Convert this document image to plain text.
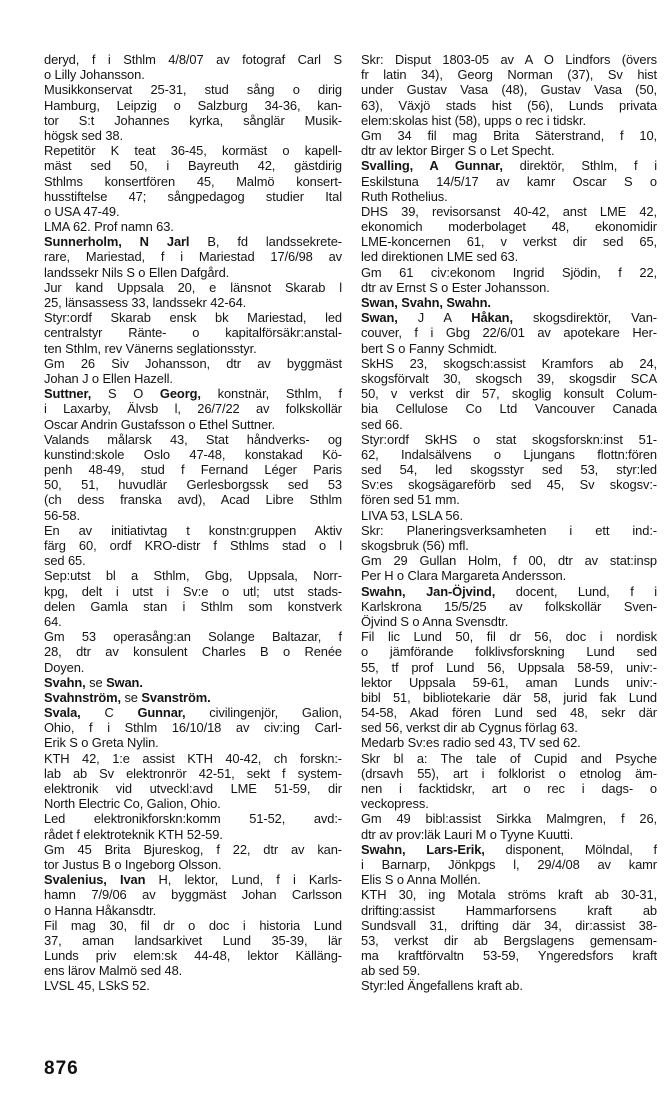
deryd, f i Sthlm 4/8/07 av fotograf Carl S
o Lilly Johansson.
Musikkonservat 25-31, stud sång o dirig
Hamburg, Leipzig o Salzburg 34-36, kan-
tor S:t Johannes kyrka, sånglär Musik-
högsk sed 38.
Repetitör K teat 36-45, kormäst o kapell-
mäst sed 50, i Bayreuth 42, gästdirig
Sthlms konsertfören 45, Malmö konsert-
husstiftelse 47; sångpedagog studier Ital
o USA 47-49.
LMA 62. Prof namn 63.
Sunnerholm, N Jarl B, fd landssekrete-
rare, Mariestad, f i Mariestad 17/6/98 av
landssekr Nils S o Ellen Dafgård.
Jur kand Uppsala 20, e länsnot Skarab l
25, länsassess 33, landssekr 42-64.
Styr:ordf Skarab ensk bk Mariestad, led
centralstyr Ränte- o kapitalförsäkr:anstal-
ten Sthlm, rev Vänerns seglationsstyr.
Gm 26 Siv Johansson, dtr av byggmäst
Johan J o Ellen Hazell.
Suttner, S O Georg, konstnär, Sthlm, f
i Laxarby, Älvsb l, 26/7/22 av folkskollär
Oscar Andrin Gustafsson o Ethel Suttner.
Valands målarsk 43, Stat håndverks- og
kunstind:skole Oslo 47-48, konstakad Kö-
penh 48-49, stud f Fernand Léger Paris
50, 51, huvudlär Gerlesborgssk sed 53
(ch dess franska avd), Acad Libre Sthlm
56-58.
En av initiativtag t konstn:gruppen Aktiv
färg 60, ordf KRO-distr f Sthlms stad o l
sed 65.
Sep:utst bl a Sthlm, Gbg, Uppsala, Norr-
kpg, delt i utst i Sv:e o utl; utst stads-
delen Gamla stan i Sthlm som konstverk
64.
Gm 53 operasång:an Solange Baltazar, f
28, dtr av konsulent Charles B o Renée
Doyen.
Svahn, se Swan.
Svahnström, se Svanström.
Svala, C Gunnar, civilingenjör, Galion,
Ohio, f i Sthlm 16/10/18 av civ:ing Carl-
Erik S o Greta Nylin.
KTH 42, 1:e assist KTH 40-42, ch forskn:-
lab ab Sv elektronrör 42-51, sekt f system-
elektronik vid utveckl:avd LME 51-59, dir
North Electric Co, Galion, Ohio.
Led elektronikforskn:komm 51-52, avd:-
rådet f elektroteknik KTH 52-59.
Gm 45 Brita Bjureskog, f 22, dtr av kan-
tor Justus B o Ingeborg Olsson.
Svalenius, Ivan H, lektor, Lund, f i Karls-
hamn 7/9/06 av byggmäst Johan Carlsson
o Hanna Håkansdtr.
Fil mag 30, fil dr o doc i historia Lund
37, aman landsarkivet Lund 35-39, lär
Lunds priv elem:sk 44-48, lektor Källäng-
ens lärov Malmö sed 48.
LVSL 45, LSkS 52.
Skr: Disput 1803-05 av A O Lindfors (övers
fr latin 34), Georg Norman (37), Sv hist
under Gustav Vasa (48), Gustav Vasa (50,
63), Växjö stads hist (56), Lunds privata
elem:skolas hist (58), upps o rec i tidskr.
Gm 34 fil mag Brita Säterstrand, f 10,
dtr av lektor Birger S o Let Specht.
Svalling, A Gunnar, direktör, Sthlm, f i
Eskilstuna 14/5/17 av kamr Oscar S o
Ruth Rothelius.
DHS 39, revisorsanst 40-42, anst LME 42,
ekonomich moderbolaget 48, ekonomidir
LME-koncernen 61, v verkst dir sed 65,
led direktionen LME sed 63.
Gm 61 civ:ekonom Ingrid Sjödin, f 22,
dtr av Ernst S o Ester Johansson.
Swan, Svahn, Swahn.
Swan, J A Håkan, skogsdirektör, Van-
couver, f i Gbg 22/6/01 av apotekare Her-
bert S o Fanny Schmidt.
SkHS 23, skogsch:assist Kramfors ab 24,
skogsförvalt 30, skogsch 39, skogsdir SCA
50, v verkst dir 57, skoglig konsult Colum-
bia Cellulose Co Ltd Vancouver Canada
sed 66.
Styr:ordf SkHS o stat skogsforskn:inst 51-
62, Indalsälvens o Ljungans flottn:fören
sed 54, led skogsstyr sed 53, styr:led
Sv:es skogsägareförb sed 45, Sv skogsv:-
fören sed 51 mm.
LIVA 53, LSLA 56.
Skr: Planeringsverksamheten i ett ind:-
skogsbruk (56) mfl.
Gm 29 Gullan Holm, f 00, dtr av stat:insp
Per H o Clara Margareta Andersson.
Swahn, Jan-Öjvind, docent, Lund, f i
Karlskrona 15/5/25 av folkskollär Sven-
Öjvind S o Anna Svensdtr.
Fil lic Lund 50, fil dr 56, doc i nordisk
o jämförande folklivsforskning Lund sed
55, tf prof Lund 56, Uppsala 58-59, univ:-
lektor Uppsala 59-61, aman Lunds univ:-
bibl 51, bibliotekarie där 58, jurid fak Lund
54-58, Akad fören Lund sed 48, sekr där
sed 56, verkst dir ab Cygnus förlag 63.
Medarb Sv:es radio sed 43, TV sed 62.
Skr bl a: The tale of Cupid and Psyche
(drsavh 55), art i folklorist o etnolog äm-
nen i facktidskr, art o rec i dags- o
veckopress.
Gm 49 bibl:assist Sirkka Malmgren, f 26,
dtr av prov:läk Lauri M o Tyyne Kuutti.
Swahn, Lars-Erik, disponent, Mölndal, f
i Barnarp, Jönkpgs l, 29/4/08 av kamr
Elis S o Anna Mollén.
KTH 30, ing Motala ströms kraft ab 30-31,
drifting:assist Hammarforsens kraft ab
Sundsvall 31, drifting där 34, dir:assist 38-
53, verkst dir ab Bergslagens gemensam-
ma kraftförvaltn 53-59, Yngeredsfors kraft
ab sed 59.
Styr:led Ängefallens kraft ab.
876
